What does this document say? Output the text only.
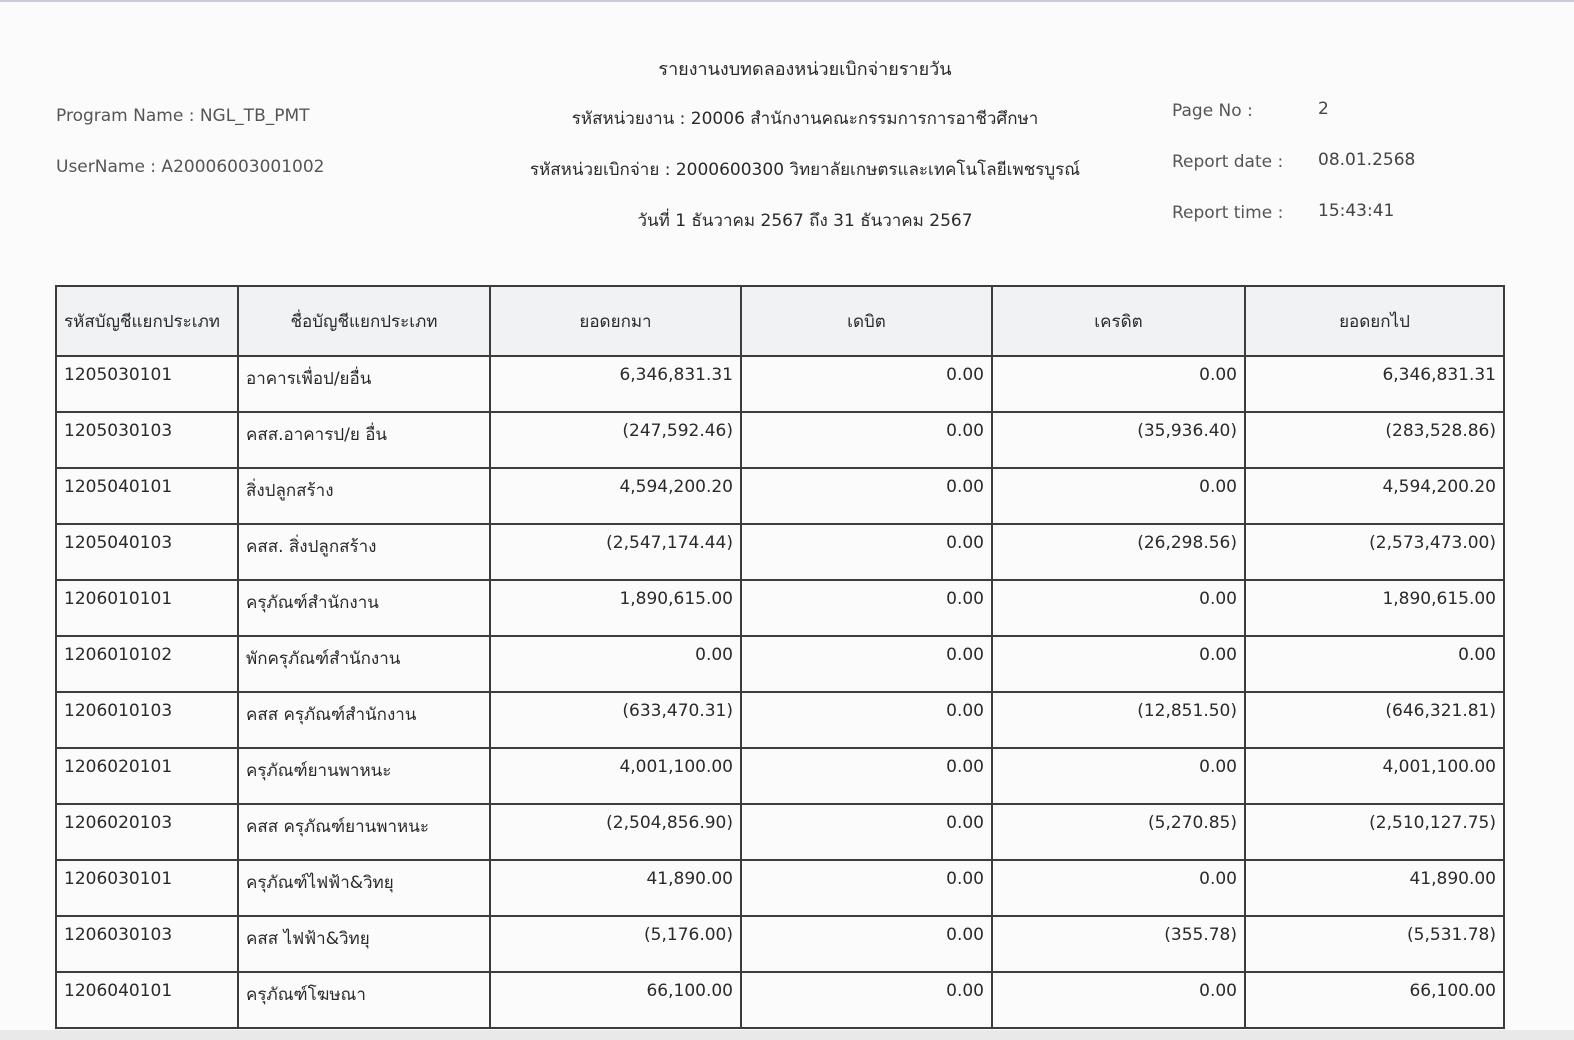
รายงานงบทดลองหน่วยเบิกจ่ายรายวัน
Program Name : NGL_TB_PMT
UserName : A20006003001002
รหัสหน่วยงาน : 20006 สำนักงานคณะกรรมการการอาชีวศึกษา
รหัสหน่วยเบิกจ่าย : 2000600300 วิทยาลัยเกษตรและเทคโนโลยีเพชรบูรณ์
วันที่ 1 ธันวาคม 2567 ถึง 31 ธันวาคม 2567
Page No :	2
Report date : 08.01.2568
Report time : 15:43:41
รหัสบัญชีแยกประเภท	ชื่อบัญชีแยกประเภท	ยอดยกมา	เดบิต	เครดิต	ยอดยกไป
1205030101	อาคารเพื่อป/ยอื่น	6,346,831.31	0.00	0.00	6,346,831.31
1205030103	คสส.อาคารป/ย อื่น	(247,592.46)	0.00	(35,936.40)	(283,528.86)
1205040101	สิ่งปลูกสร้าง	4,594,200.20	0.00	0.00	4,594,200.20
1205040103	คสส. สิ่งปลูกสร้าง	(2,547,174.44)	0.00	(26,298.56)	(2,573,473.00)
1206010101	ครุภัณฑ์สำนักงาน	1,890,615.00	0.00	0.00	1,890,615.00
1206010102	พักครุภัณฑ์สำนักงาน	0.00	0.00	0.00	0.00
1206010103	คสส ครุภัณฑ์สำนักงาน	(633,470.31)	0.00	(12,851.50)	(646,321.81)
1206020101	ครุภัณฑ์ยานพาหนะ	4,001,100.00	0.00	0.00	4,001,100.00
1206020103	คสส ครุภัณฑ์ยานพาหนะ	(2,504,856.90)	0.00	(5,270.85)	(2,510,127.75)
1206030101	ครุภัณฑ์ไฟฟ้า&วิทยุ	41,890.00	0.00	0.00	41,890.00
1206030103	คสส ไฟฟ้า&วิทยุ	(5,176.00)	0.00	(355.78)	(5,531.78)
1206040101	ครุภัณฑ์โฆษณา	66,100.00	0.00	0.00	66,100.00
